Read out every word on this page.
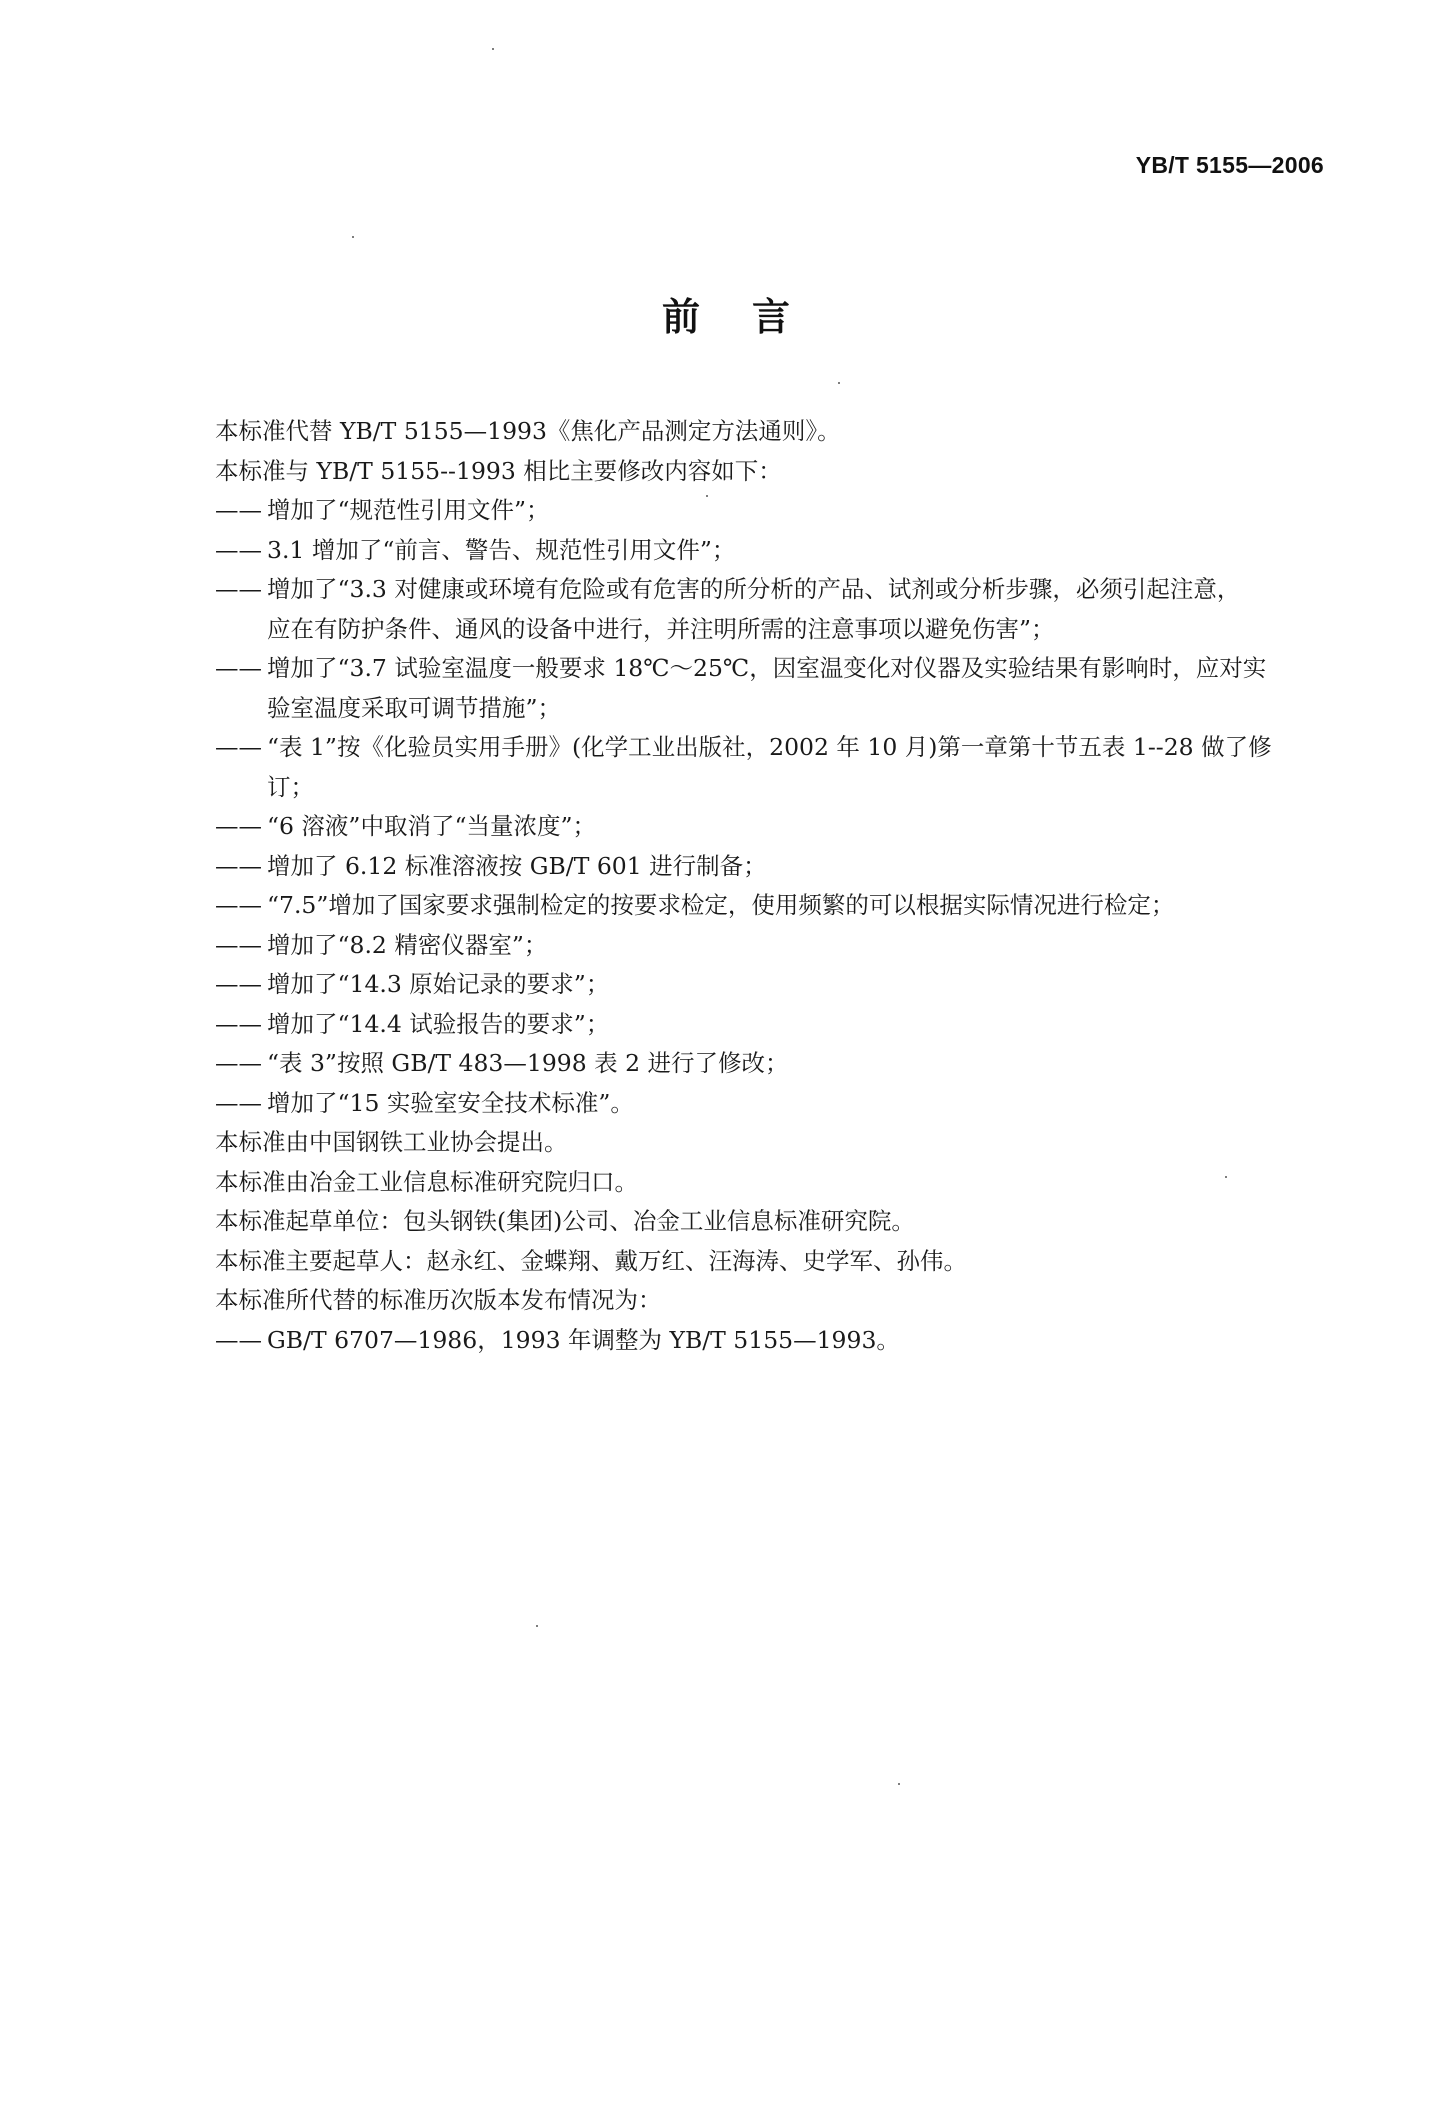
YB/T 5155—2006
前言

本标准代替 YB/T 5155—1993《焦化产品测定方法通则》。

本标准与 YB/T 5155--1993 相比主要修改内容如下：

—— 增加了“规范性引用文件”；

—— 3.1 增加了“前言、警告、规范性引用文件”；

—— 增加了“3.3 对健康或环境有危险或有危害的所分析的产品、试剂或分析步骤，必须引起注意，
应在有防护条件、通风的设备中进行，并注明所需的注意事项以避免伤害”；

—— 增加了“3.7 试验室温度一般要求 18℃～25℃，因室温变化对仪器及实验结果有影响时，应对实
验室温度采取可调节措施”；

—— “表 1”按《化验员实用手册》(化学工业出版社，2002 年 10 月)第一章第十节五表 1--28 做了修
订；

—— “6 溶液”中取消了“当量浓度”；

—— 增加了 6.12 标准溶液按 GB/T 601 进行制备；

—— “7.5”增加了国家要求强制检定的按要求检定，使用频繁的可以根据实际情况进行检定；

—— 增加了“8.2 精密仪器室”；

—— 增加了“14.3 原始记录的要求”；

—— 增加了“14.4 试验报告的要求”；

—— “表 3”按照 GB/T 483—1998 表 2 进行了修改；

—— 增加了“15 实验室安全技术标准”。

本标准由中国钢铁工业协会提出。

本标准由冶金工业信息标准研究院归口。

本标准起草单位：包头钢铁(集团)公司、冶金工业信息标准研究院。

本标准主要起草人：赵永红、金蝶翔、戴万红、汪海涛、史学军、孙伟。

本标准所代替的标准历次版本发布情况为：

—— GB/T 6707—1986，1993 年调整为 YB/T 5155—1993。
